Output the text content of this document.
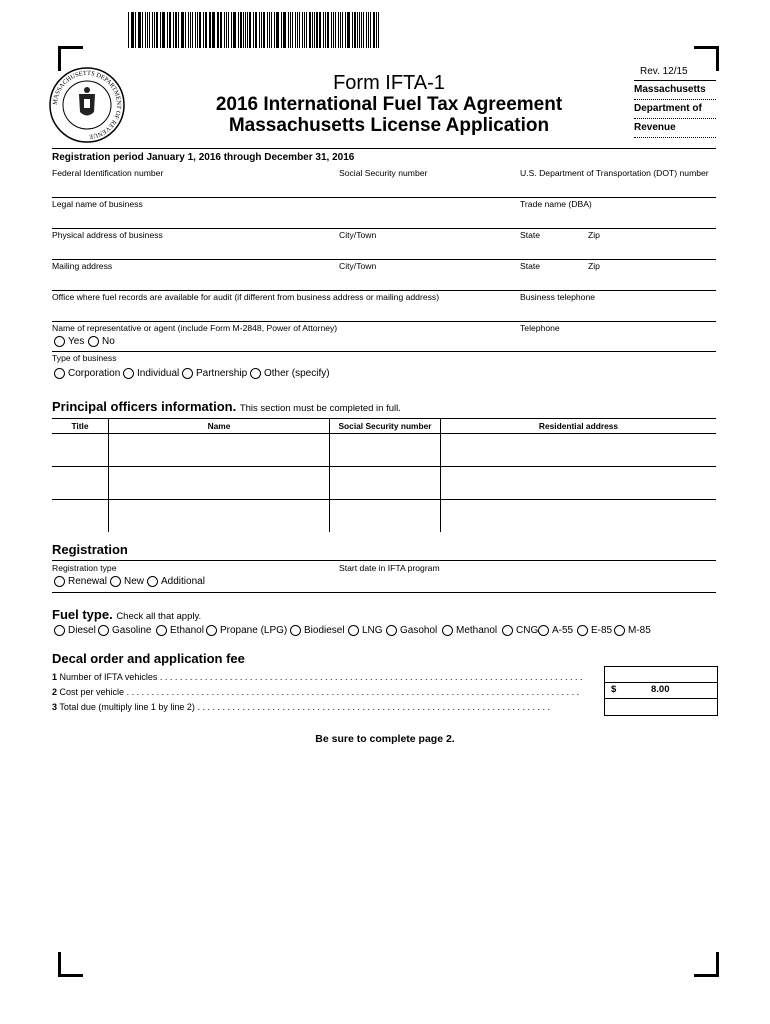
MASSACHUSETTS DEPARTMENT OF REVENUE
Form IFTA-1
2016 International Fuel Tax Agreement
Massachusetts License Application
Rev. 12/15
Massachusetts
Department of
Revenue
Registration period January 1, 2016 through December 31, 2016
Federal Identification number	Social Security number	U.S. Department of Transportation (DOT) number
Legal name of business	Trade name (DBA)
Physical address of business	City/Town	State	Zip
Mailing address	City/Town	State	Zip
Office where fuel records are available for audit (if different from business address or mailing address)	Business telephone
Name of representative or agent (include Form M-2848, Power of Attorney)	Telephone
Yes No
Type of business
Corporation Individual Partnership Other (specify)
Principal officers information. This section must be completed in full.
Title	Name	Social Security number	Residential address

Registration
Registration type	Start date in IFTA program
Renewal New Additional
Fuel type. Check all that apply.
Diesel Gasoline Ethanol Propane (LPG) Biodiesel LNG Gasohol Methanol CNG A-55 E-85 M-85
Decal order and application fee
1 Number of IFTA vehicles . . . . . . . . . . . . . . . . . . . . . . . . . . . . . . . . . . . . . . . . . . . . . . . . . . . . . . . . . . . . . . . . . . . . . . . . . . . . . . . . . . . . .
2 Cost per vehicle . . . . . . . . . . . . . . . . . . . . . . . . . . . . . . . . . . . . . . . . . . . . . . . . . . . . . . . . . . . . . . . . . . . . . . . . . . . . . . . . . . . . . . . . . . .
3 Total due (multiply line 1 by line 2) . . . . . . . . . . . . . . . . . . . . . . . . . . . . . . . . . . . . . . . . . . . . . . . . . . . . . . . . . . . . . . . . . . . . . . .
$	8.00
Be sure to complete page 2.
